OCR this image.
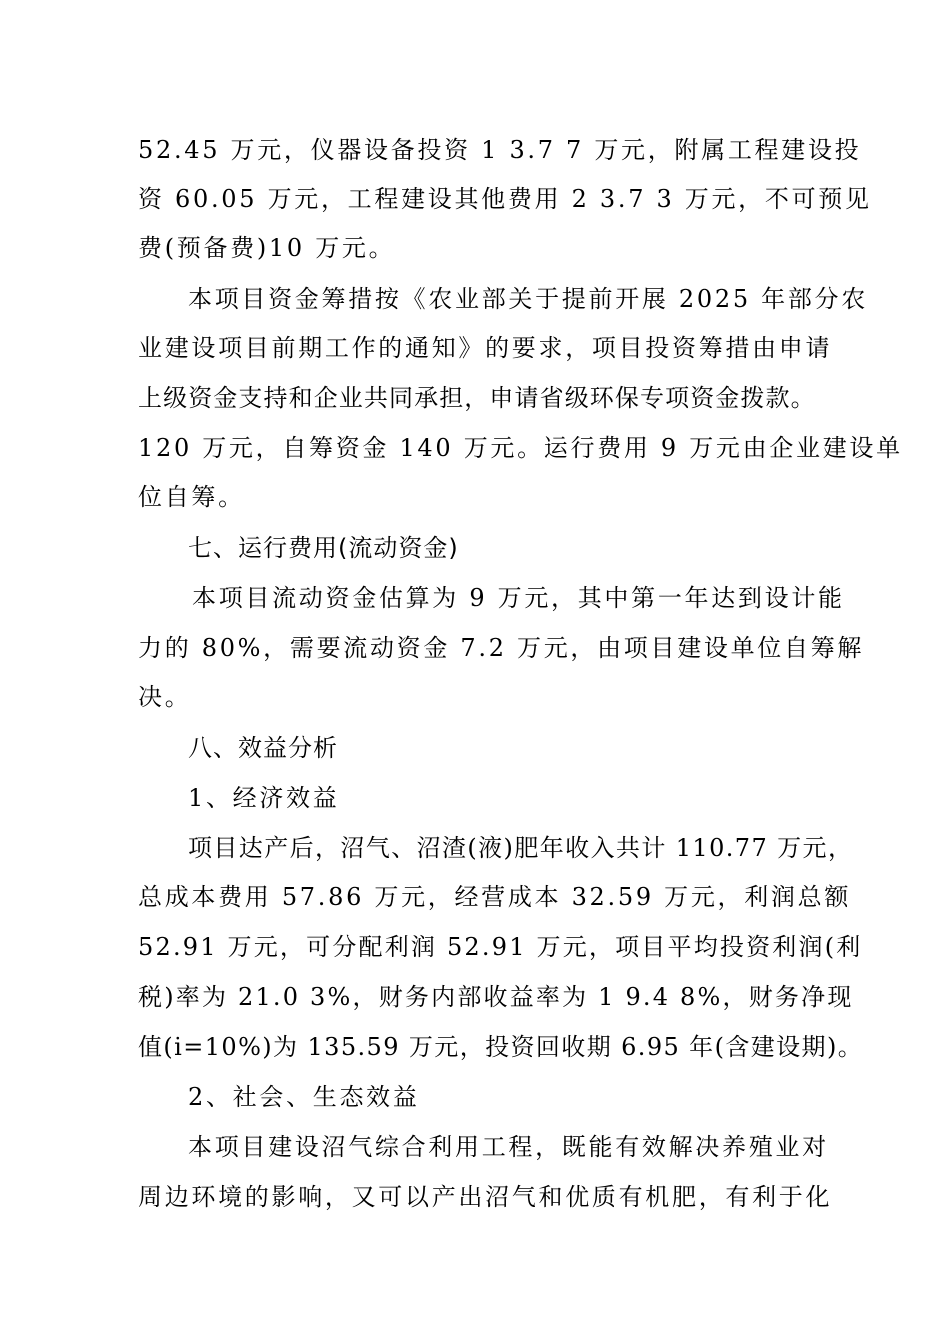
52.45 万元，仪器设备投资 1 3.7 7 万元，附属工程建设投
资 60.05 万元，工程建设其他费用 2 3.7 3 万元，不可预见
费(预备费)10 万元。
本项目资金筹措按《农业部关于提前开展 2025 年部分农
业建设项目前期工作的通知》的要求，项目投资筹措由申请
上级资金支持和企业共同承担，申请省级环保专项资金拨款。
120 万元，自筹资金 140 万元。运行费用 9 万元由企业建设单
位自筹。
七、运行费用(流动资金)
本项目流动资金估算为 9 万元，其中第一年达到设计能
力的 80%，需要流动资金 7.2 万元，由项目建设单位自筹解
决。
八、效益分析
1、经济效益
项目达产后，沼气、沼渣(液)肥年收入共计 110.77 万元，
总成本费用 57.86 万元，经营成本 32.59 万元，利润总额
52.91 万元，可分配利润 52.91 万元，项目平均投资利润(利
税)率为 21.0 3%，财务内部收益率为 1 9.4 8%，财务净现
值(i=10%)为 135.59 万元，投资回收期 6.95 年(含建设期)。
2、社会、生态效益
本项目建设沼气综合利用工程，既能有效解决养殖业对
周边环境的影响，又可以产出沼气和优质有机肥，有利于化
